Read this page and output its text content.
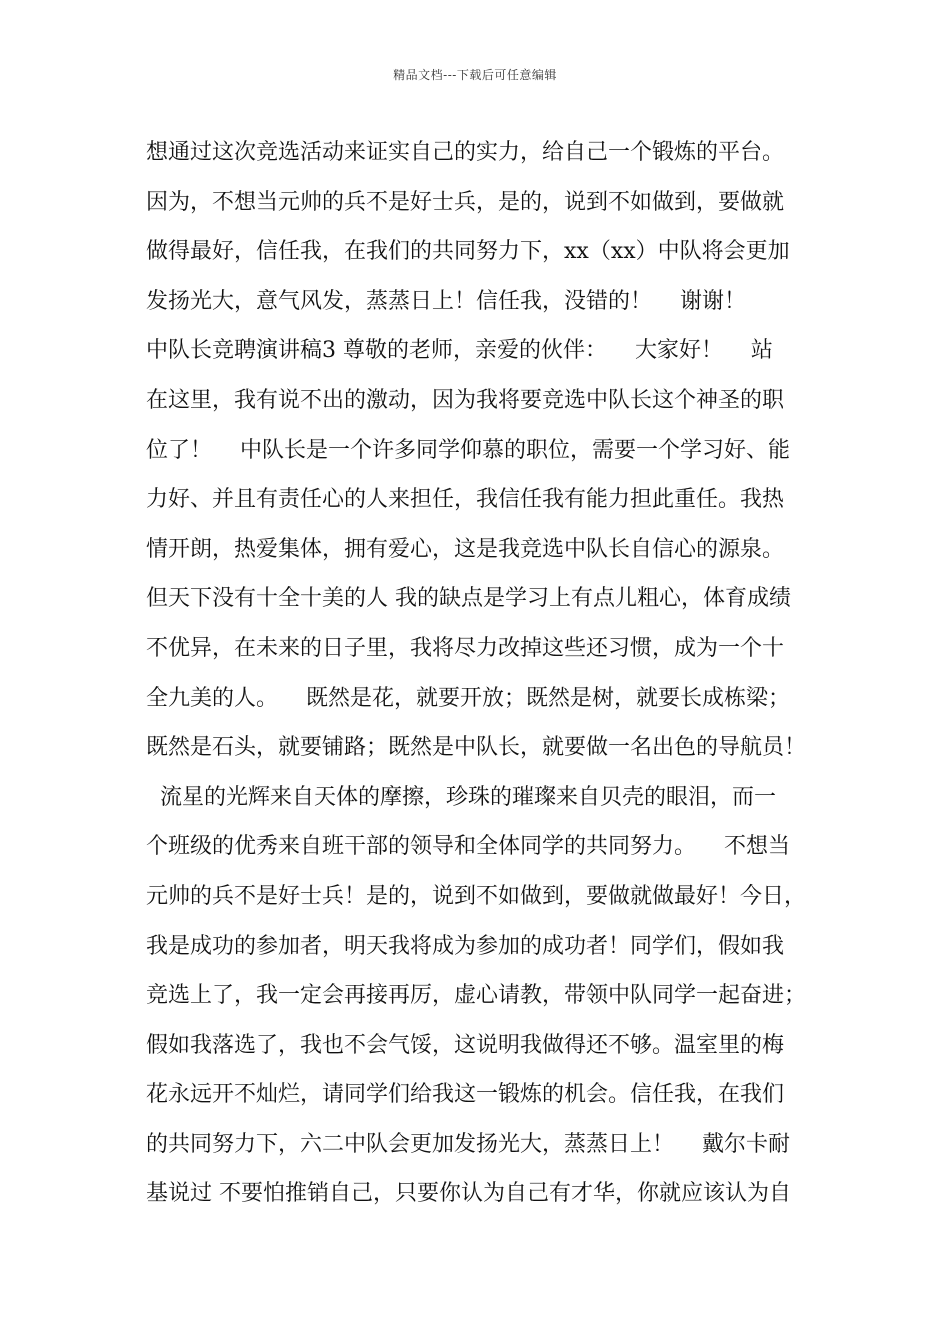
精品文档---下载后可任意编辑
想通过这次竞选活动来证实自己的实力，给自己一个锻炼的平台。
因为，不想当元帅的兵不是好士兵，是的，说到不如做到，要做就
做得最好，信任我，在我们的共同努力下，xx（xx）中队将会更加
发扬光大，意气风发，蒸蒸日上！信任我，没错的！    谢谢！
中队长竞聘演讲稿3 尊敬的老师，亲爱的伙伴：    大家好！    站
在这里，我有说不出的激动，因为我将要竞选中队长这个神圣的职
位了！    中队长是一个许多同学仰慕的职位，需要一个学习好、能
力好、并且有责任心的人来担任，我信任我有能力担此重任。我热
情开朗，热爱集体，拥有爱心，这是我竞选中队长自信心的源泉。
但天下没有十全十美的人 我的缺点是学习上有点儿粗心，体育成绩
不优异，在未来的日子里，我将尽力改掉这些还习惯，成为一个十
全九美的人。    既然是花，就要开放；既然是树，就要长成栋梁；
既然是石头，就要铺路；既然是中队长，就要做一名出色的导航员！
流星的光辉来自天体的摩擦，珍珠的璀璨来自贝壳的眼泪，而一
个班级的优秀来自班干部的领导和全体同学的共同努力。    不想当
元帅的兵不是好士兵！是的，说到不如做到，要做就做最好！今日，
我是成功的参加者，明天我将成为参加的成功者！同学们，假如我
竞选上了，我一定会再接再厉，虚心请教，带领中队同学一起奋进；
假如我落选了，我也不会气馁，这说明我做得还不够。温室里的梅
花永远开不灿烂，请同学们给我这一锻炼的机会。信任我，在我们
的共同努力下，六二中队会更加发扬光大，蒸蒸日上！    戴尔卡耐
基说过 不要怕推销自己，只要你认为自己有才华，你就应该认为自
